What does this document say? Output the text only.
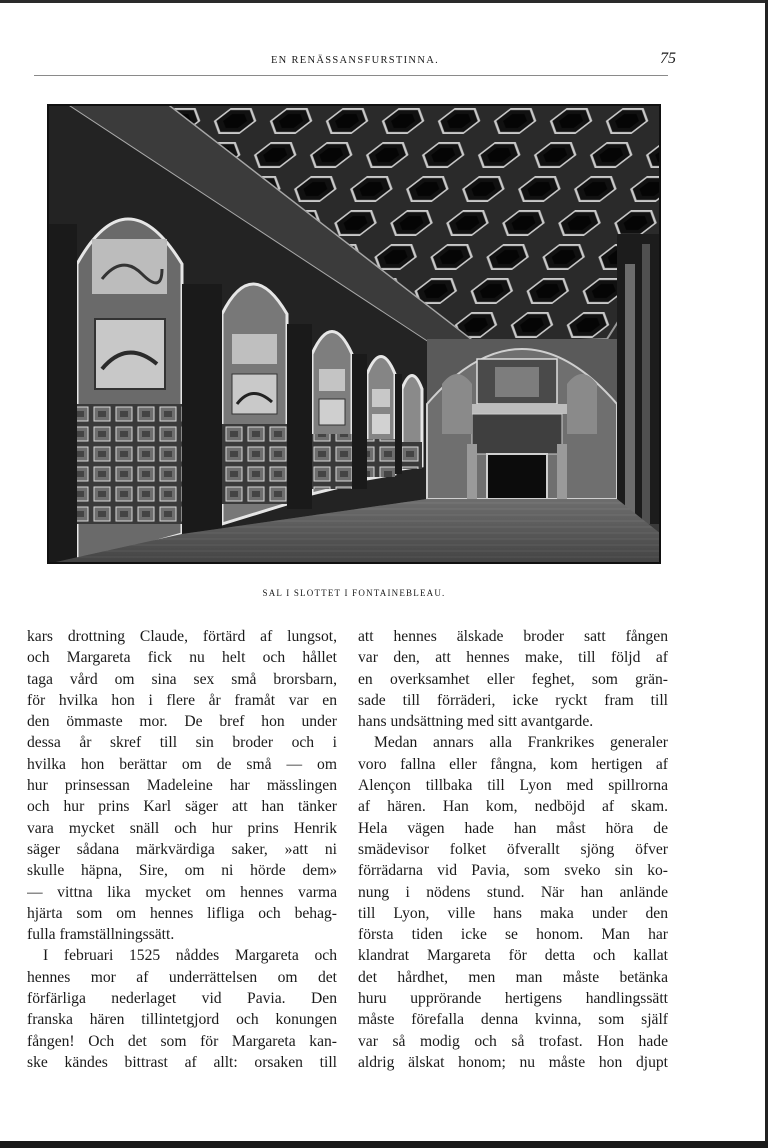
EN RENÄSSANSFURSTINNA.	75
SAL I SLOTTET I FONTAINEBLEAU.
kars drottning Claude, förtärd af lungsot,
och Margareta fick nu helt och hållet
taga vård om sina sex små brorsbarn,
för hvilka hon i flere år framåt var en
den ömmaste mor. De bref hon under
dessa år skref till sin broder och i
hvilka hon berättar om de små — om
hur prinsessan Madeleine har mässlingen
och hur prins Karl säger att han tänker
vara mycket snäll och hur prins Henrik
säger sådana märkvärdiga saker, »att ni
skulle häpna, Sire, om ni hörde dem»
— vittna lika mycket om hennes varma
hjärta som om hennes lifliga och behag-
fulla framställningssätt.
I februari 1525 nåddes Margareta och
hennes mor af underrättelsen om det
förfärliga nederlaget vid Pavia. Den
franska hären tillintetgjord och konungen
fången! Och det som för Margareta kan-
ske kändes bittrast af allt: orsaken till
att hennes älskade broder satt fången
var den, att hennes make, till följd af
en overksamhet eller feghet, som grän-
sade till förräderi, icke ryckt fram till
hans undsättning med sitt avantgarde.
Medan annars alla Frankrikes generaler
voro fallna eller fångna, kom hertigen af
Alençon tillbaka till Lyon med spillrorna
af hären. Han kom, nedböjd af skam.
Hela vägen hade han måst höra de
smädevisor folket öfverallt sjöng öfver
förrädarna vid Pavia, som sveko sin ko-
nung i nödens stund. När han anlände
till Lyon, ville hans maka under den
första tiden icke se honom. Man har
klandrat Margareta för detta och kallat
det hårdhet, men man måste betänka
huru upprörande hertigens handlingssätt
måste förefalla denna kvinna, som själf
var så modig och så trofast. Hon hade
aldrig älskat honom; nu måste hon djupt
